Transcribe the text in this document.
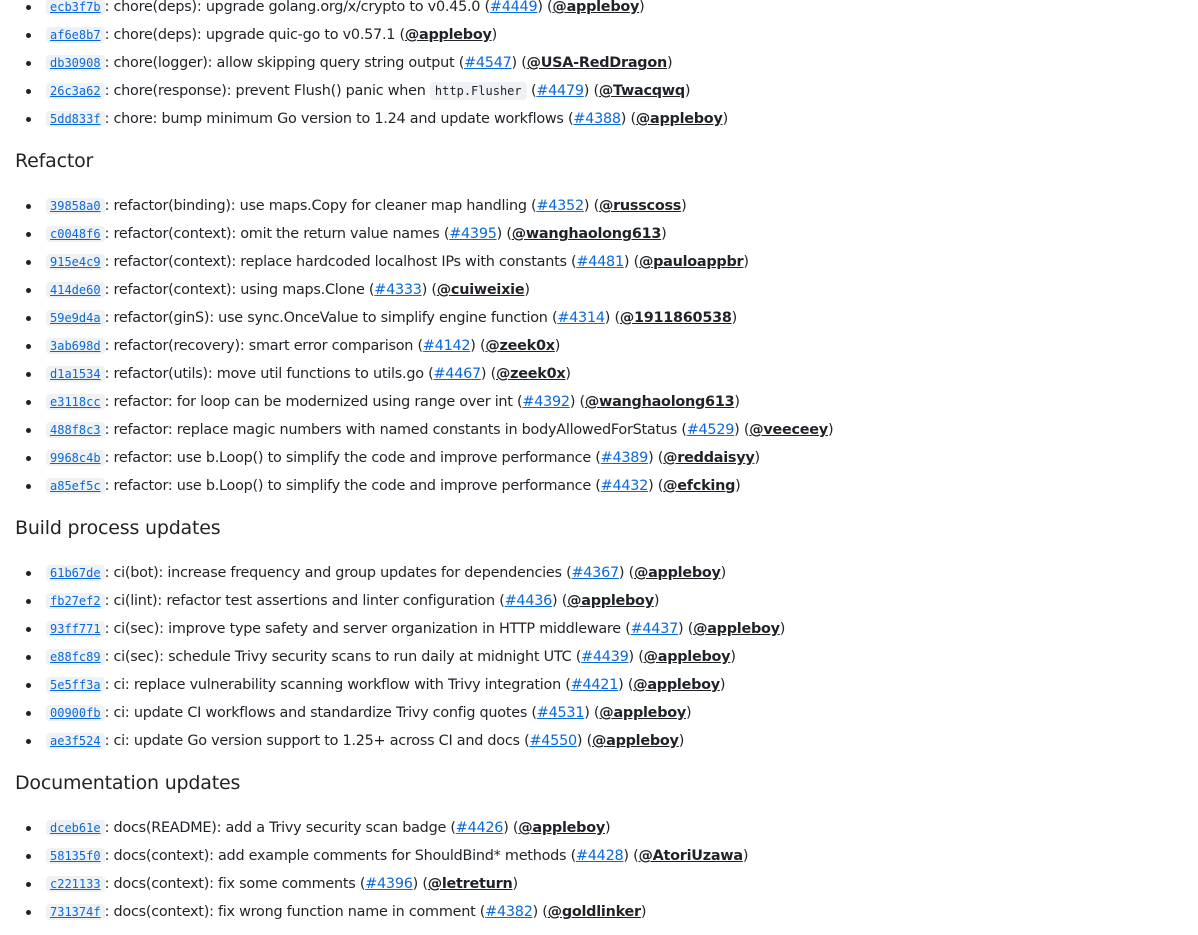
ecb3f7b : chore(deps): upgrade golang.org/x/crypto to v0.45.0 (#4449) (@appleboy)
af6e8b7 : chore(deps): upgrade quic-go to v0.57.1 (@appleboy)
db30908 : chore(logger): allow skipping query string output (#4547) (@USA-RedDragon)
26c3a62 : chore(response): prevent Flush() panic when http.Flusher (#4479) (@Twacqwq)
5dd833f : chore: bump minimum Go version to 1.24 and update workflows (#4388) (@appleboy)
Refactor
39858a0 : refactor(binding): use maps.Copy for cleaner map handling (#4352) (@russcoss)
c0048f6 : refactor(context): omit the return value names (#4395) (@wanghaolong613)
915e4c9 : refactor(context): replace hardcoded localhost IPs with constants (#4481) (@pauloappbr)
414de60 : refactor(context): using maps.Clone (#4333) (@cuiweixie)
59e9d4a : refactor(ginS): use sync.OnceValue to simplify engine function (#4314) (@1911860538)
3ab698d : refactor(recovery): smart error comparison (#4142) (@zeek0x)
d1a1534 : refactor(utils): move util functions to utils.go (#4467) (@zeek0x)
e3118cc : refactor: for loop can be modernized using range over int (#4392) (@wanghaolong613)
488f8c3 : refactor: replace magic numbers with named constants in bodyAllowedForStatus (#4529) (@veeceey)
9968c4b : refactor: use b.Loop() to simplify the code and improve performance (#4389) (@reddaisyy)
a85ef5c : refactor: use b.Loop() to simplify the code and improve performance (#4432) (@efcking)
Build process updates
61b67de : ci(bot): increase frequency and group updates for dependencies (#4367) (@appleboy)
fb27ef2 : ci(lint): refactor test assertions and linter configuration (#4436) (@appleboy)
93ff771 : ci(sec): improve type safety and server organization in HTTP middleware (#4437) (@appleboy)
e88fc89 : ci(sec): schedule Trivy security scans to run daily at midnight UTC (#4439) (@appleboy)
5e5ff3a : ci: replace vulnerability scanning workflow with Trivy integration (#4421) (@appleboy)
00900fb : ci: update CI workflows and standardize Trivy config quotes (#4531) (@appleboy)
ae3f524 : ci: update Go version support to 1.25+ across CI and docs (#4550) (@appleboy)
Documentation updates
dceb61e : docs(README): add a Trivy security scan badge (#4426) (@appleboy)
58135f0 : docs(context): add example comments for ShouldBind* methods (#4428) (@AtoriUzawa)
c221133 : docs(context): fix some comments (#4396) (@letreturn)
731374f : docs(context): fix wrong function name in comment (#4382) (@goldlinker)
